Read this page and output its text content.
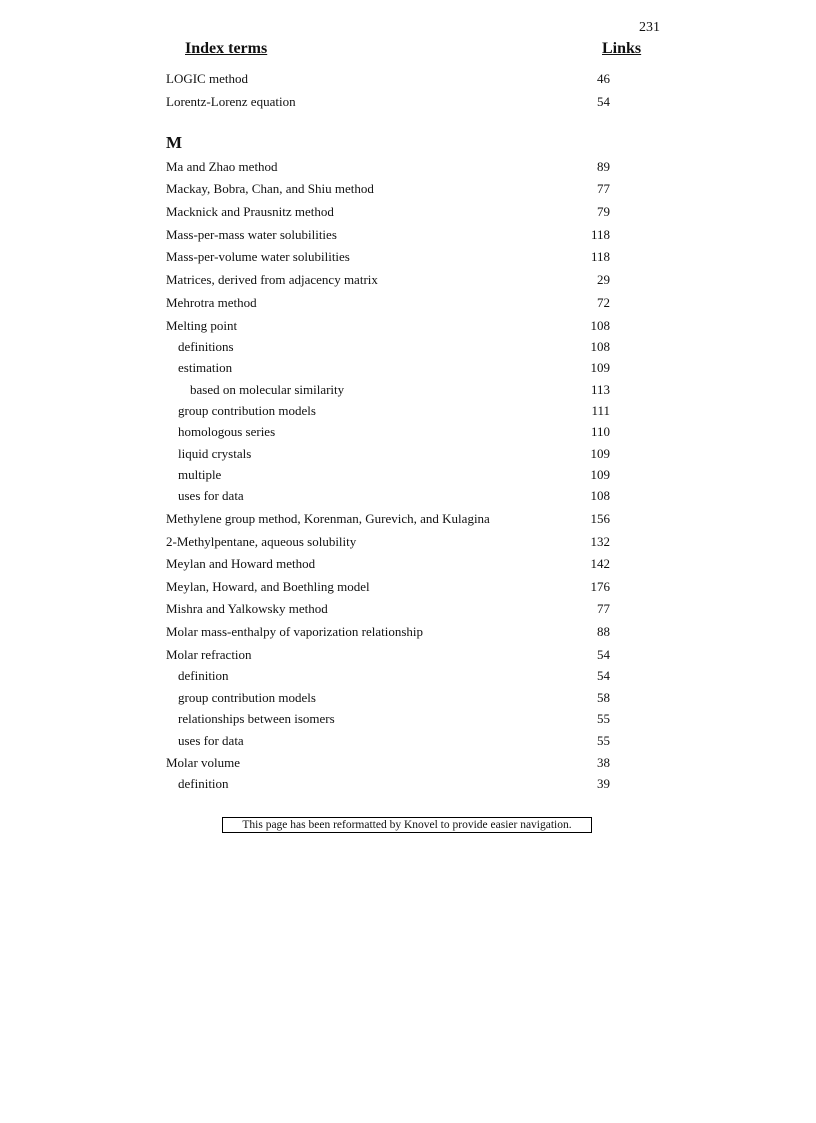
231
Index terms	Links
LOGIC method	46
Lorentz-Lorenz equation	54
M
Ma and Zhao method	89
Mackay, Bobra, Chan, and Shiu method	77
Macknick and Prausnitz method	79
Mass-per-mass water solubilities	118
Mass-per-volume water solubilities	118
Matrices, derived from adjacency matrix	29
Mehrotra method	72
Melting point	108
definitions	108
estimation	109
based on molecular similarity	113
group contribution models	111
homologous series	110
liquid crystals	109
multiple	109
uses for data	108
Methylene group method, Korenman, Gurevich, and Kulagina	156
2-Methylpentane, aqueous solubility	132
Meylan and Howard method	142
Meylan, Howard, and Boethling model	176
Mishra and Yalkowsky method	77
Molar mass-enthalpy of vaporization relationship	88
Molar refraction	54
definition	54
group contribution models	58
relationships between isomers	55
uses for data	55
Molar volume	38
definition	39
This page has been reformatted by Knovel to provide easier navigation.
